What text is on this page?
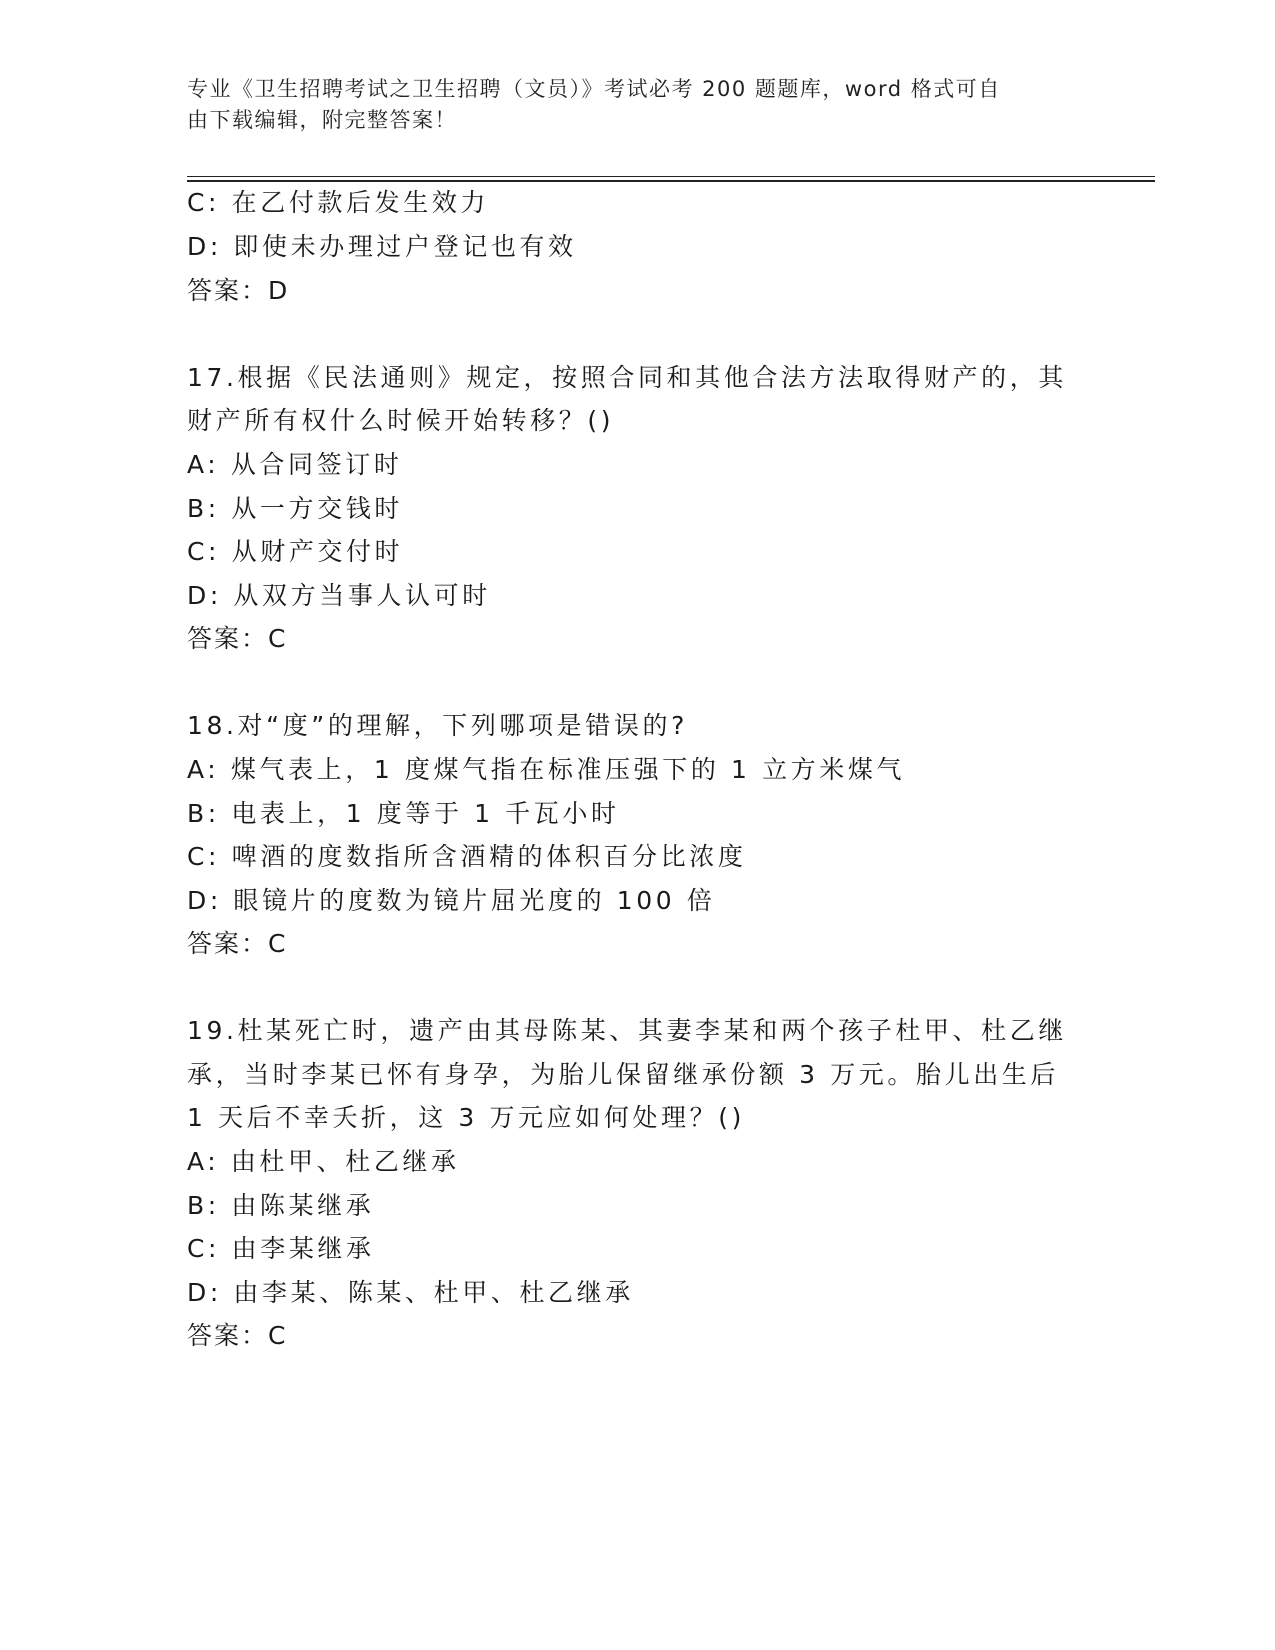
专业《卫生招聘考试之卫生招聘（文员）》考试必考 200 题题库，word 格式可自
由下载编辑，附完整答案！
C: 在乙付款后发生效力
D: 即使未办理过户登记也有效
答案：D
17.根据《民法通则》规定，按照合同和其他合法方法取得财产的，其
财产所有权什么时候开始转移？()
A: 从合同签订时
B: 从一方交钱时
C: 从财产交付时
D: 从双方当事人认可时
答案：C
18.对“度”的理解，下列哪项是错误的?
A: 煤气表上，1 度煤气指在标准压强下的 1 立方米煤气
B: 电表上，1 度等于 1 千瓦小时
C: 啤酒的度数指所含酒精的体积百分比浓度
D: 眼镜片的度数为镜片屈光度的 100 倍
答案：C
19.杜某死亡时，遗产由其母陈某、其妻李某和两个孩子杜甲、杜乙继
承，当时李某已怀有身孕，为胎儿保留继承份额 3 万元。胎儿出生后
1 天后不幸夭折，这 3 万元应如何处理？()
A: 由杜甲、杜乙继承
B: 由陈某继承
C: 由李某继承
D: 由李某、陈某、杜甲、杜乙继承
答案：C
